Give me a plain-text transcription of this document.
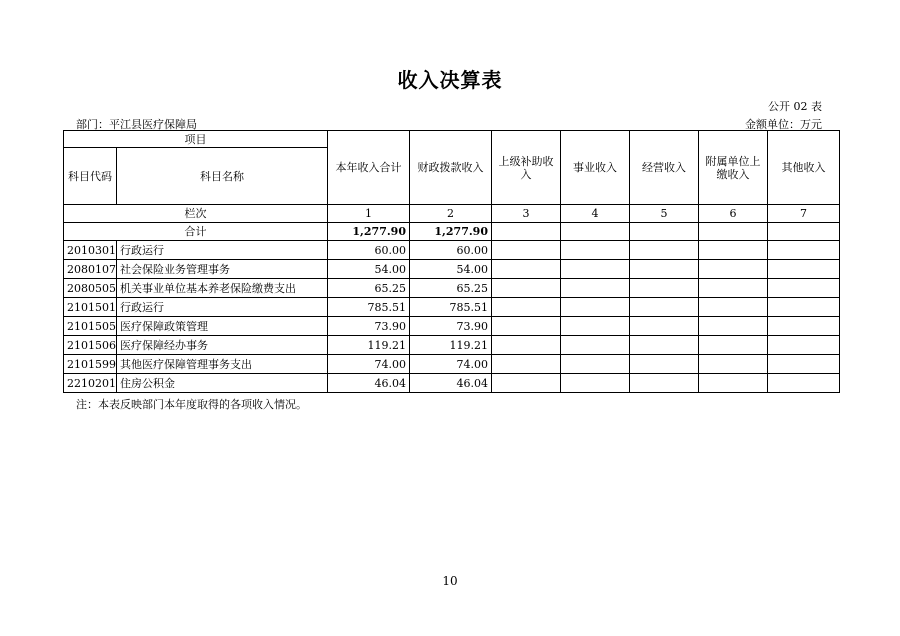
收入决算表
公开 02 表
部门：平江县医疗保障局	金额单位：万元
项目		本年收入合计	财政拨款收入	上级补助收入	事业收入	经营收入	附属单位上缴收入	其他收入
科目代码	科目名称							
栏次		1	2	3	4	5	6	7
合计		1,277.90	1,277.90					
2010301	行政运行	60.00	60.00					
2080107	社会保险业务管理事务	54.00	54.00					
2080505	机关事业单位基本养老保险缴费支出	65.25	65.25					
2101501	行政运行	785.51	785.51					
2101505	医疗保障政策管理	73.90	73.90					
2101506	医疗保障经办事务	119.21	119.21					
2101599	其他医疗保障管理事务支出	74.00	74.00					
2210201	住房公积金	46.04	46.04					
注：本表反映部门本年度取得的各项收入情况。
10
